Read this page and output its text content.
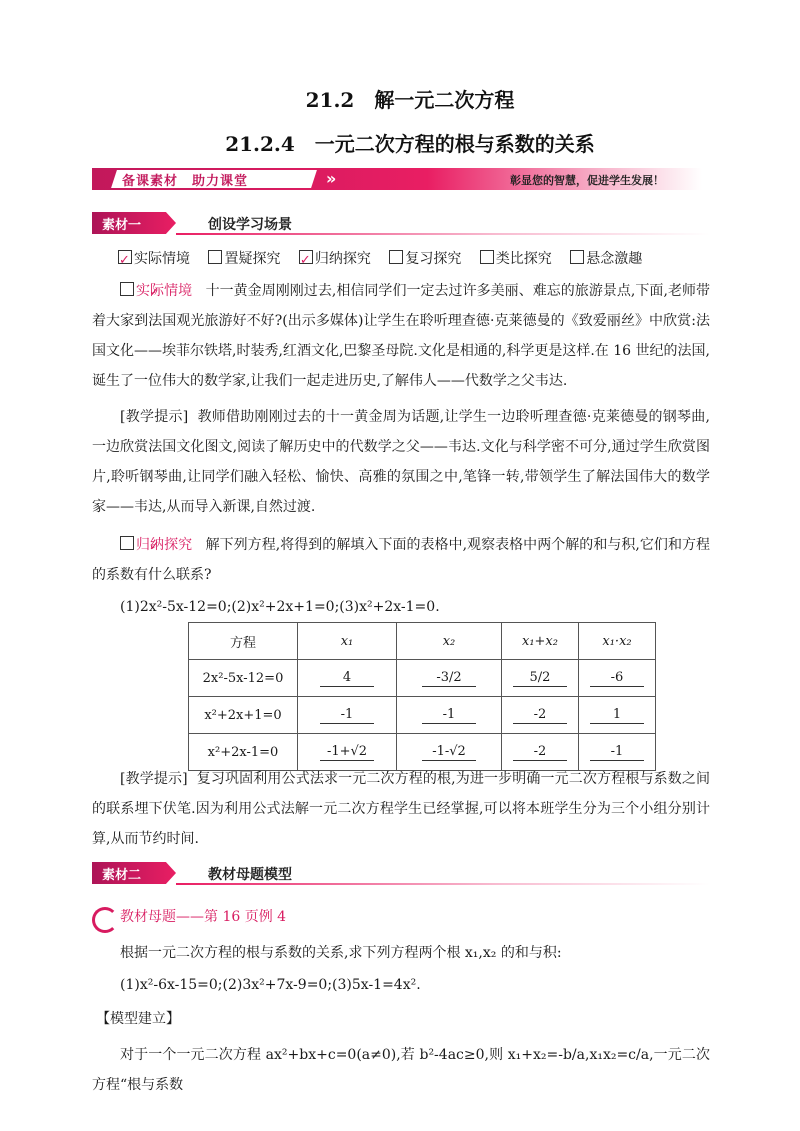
21.2　解一元二次方程
21.2.4　一元二次方程的根与系数的关系
备课素材　助力课堂	»	彰显您的智慧，促进学生发展！
素材一	创设学习场景
✓实际情境 置疑探究 ✓ 归纳探究 复习探究 类比探究 悬念激趣
✓实际情境 十一黄金周刚刚过去,相信同学们一定去过许多美丽、难忘的旅游景点,下面,老师带着大家到法国观光旅游好不好?(出示多媒体)让学生在聆听理查德·克莱德曼的《致爱丽丝》中欣赏:法国文化——埃菲尔铁塔,时装秀,红酒文化,巴黎圣母院.文化是相通的,科学更是这样.在 16 世纪的法国,诞生了一位伟大的数学家,让我们一起走进历史,了解伟人——代数学之父韦达.
[教学提示] 教师借助刚刚过去的十一黄金周为话题,让学生一边聆听理查德·克莱德曼的钢琴曲,一边欣赏法国文化图文,阅读了解历史中的代数学之父——韦达.文化与科学密不可分,通过学生欣赏图片,聆听钢琴曲,让同学们融入轻松、愉快、高雅的氛围之中,笔锋一转,带领学生了解法国伟大的数学家——韦达,从而导入新课,自然过渡.
✓归纳探究 解下列方程,将得到的解填入下面的表格中,观察表格中两个解的和与积,它们和方程的系数有什么联系?
(1)2x²-5x-12=0;(2)x²+2x+1=0;(3)x²+2x-1=0.
方程	x₁	x₂	x₁+x₂	x₁·x₂
2x²-5x-12=0	4	-3/2	5/2	-6
x²+2x+1=0	-1	-1	-2	1
x²+2x-1=0	-1+√2	-1-√2	-2	-1
[教学提示] 复习巩固利用公式法求一元二次方程的根,为进一步明确一元二次方程根与系数之间的联系埋下伏笔.因为利用公式法解一元二次方程学生已经掌握,可以将本班学生分为三个小组分别计算,从而节约时间.
素材二	教材母题模型
教材母题——第 16 页例 4
根据一元二次方程的根与系数的关系,求下列方程两个根 x₁,x₂ 的和与积:
(1)x²-6x-15=0;(2)3x²+7x-9=0;(3)5x-1=4x².
【模型建立】
对于一个一元二次方程 ax²+bx+c=0(a≠0),若 b²-4ac≥0,则 x₁+x₂=-b/a,x₁x₂=c/a,一元二次方程“根与系数
